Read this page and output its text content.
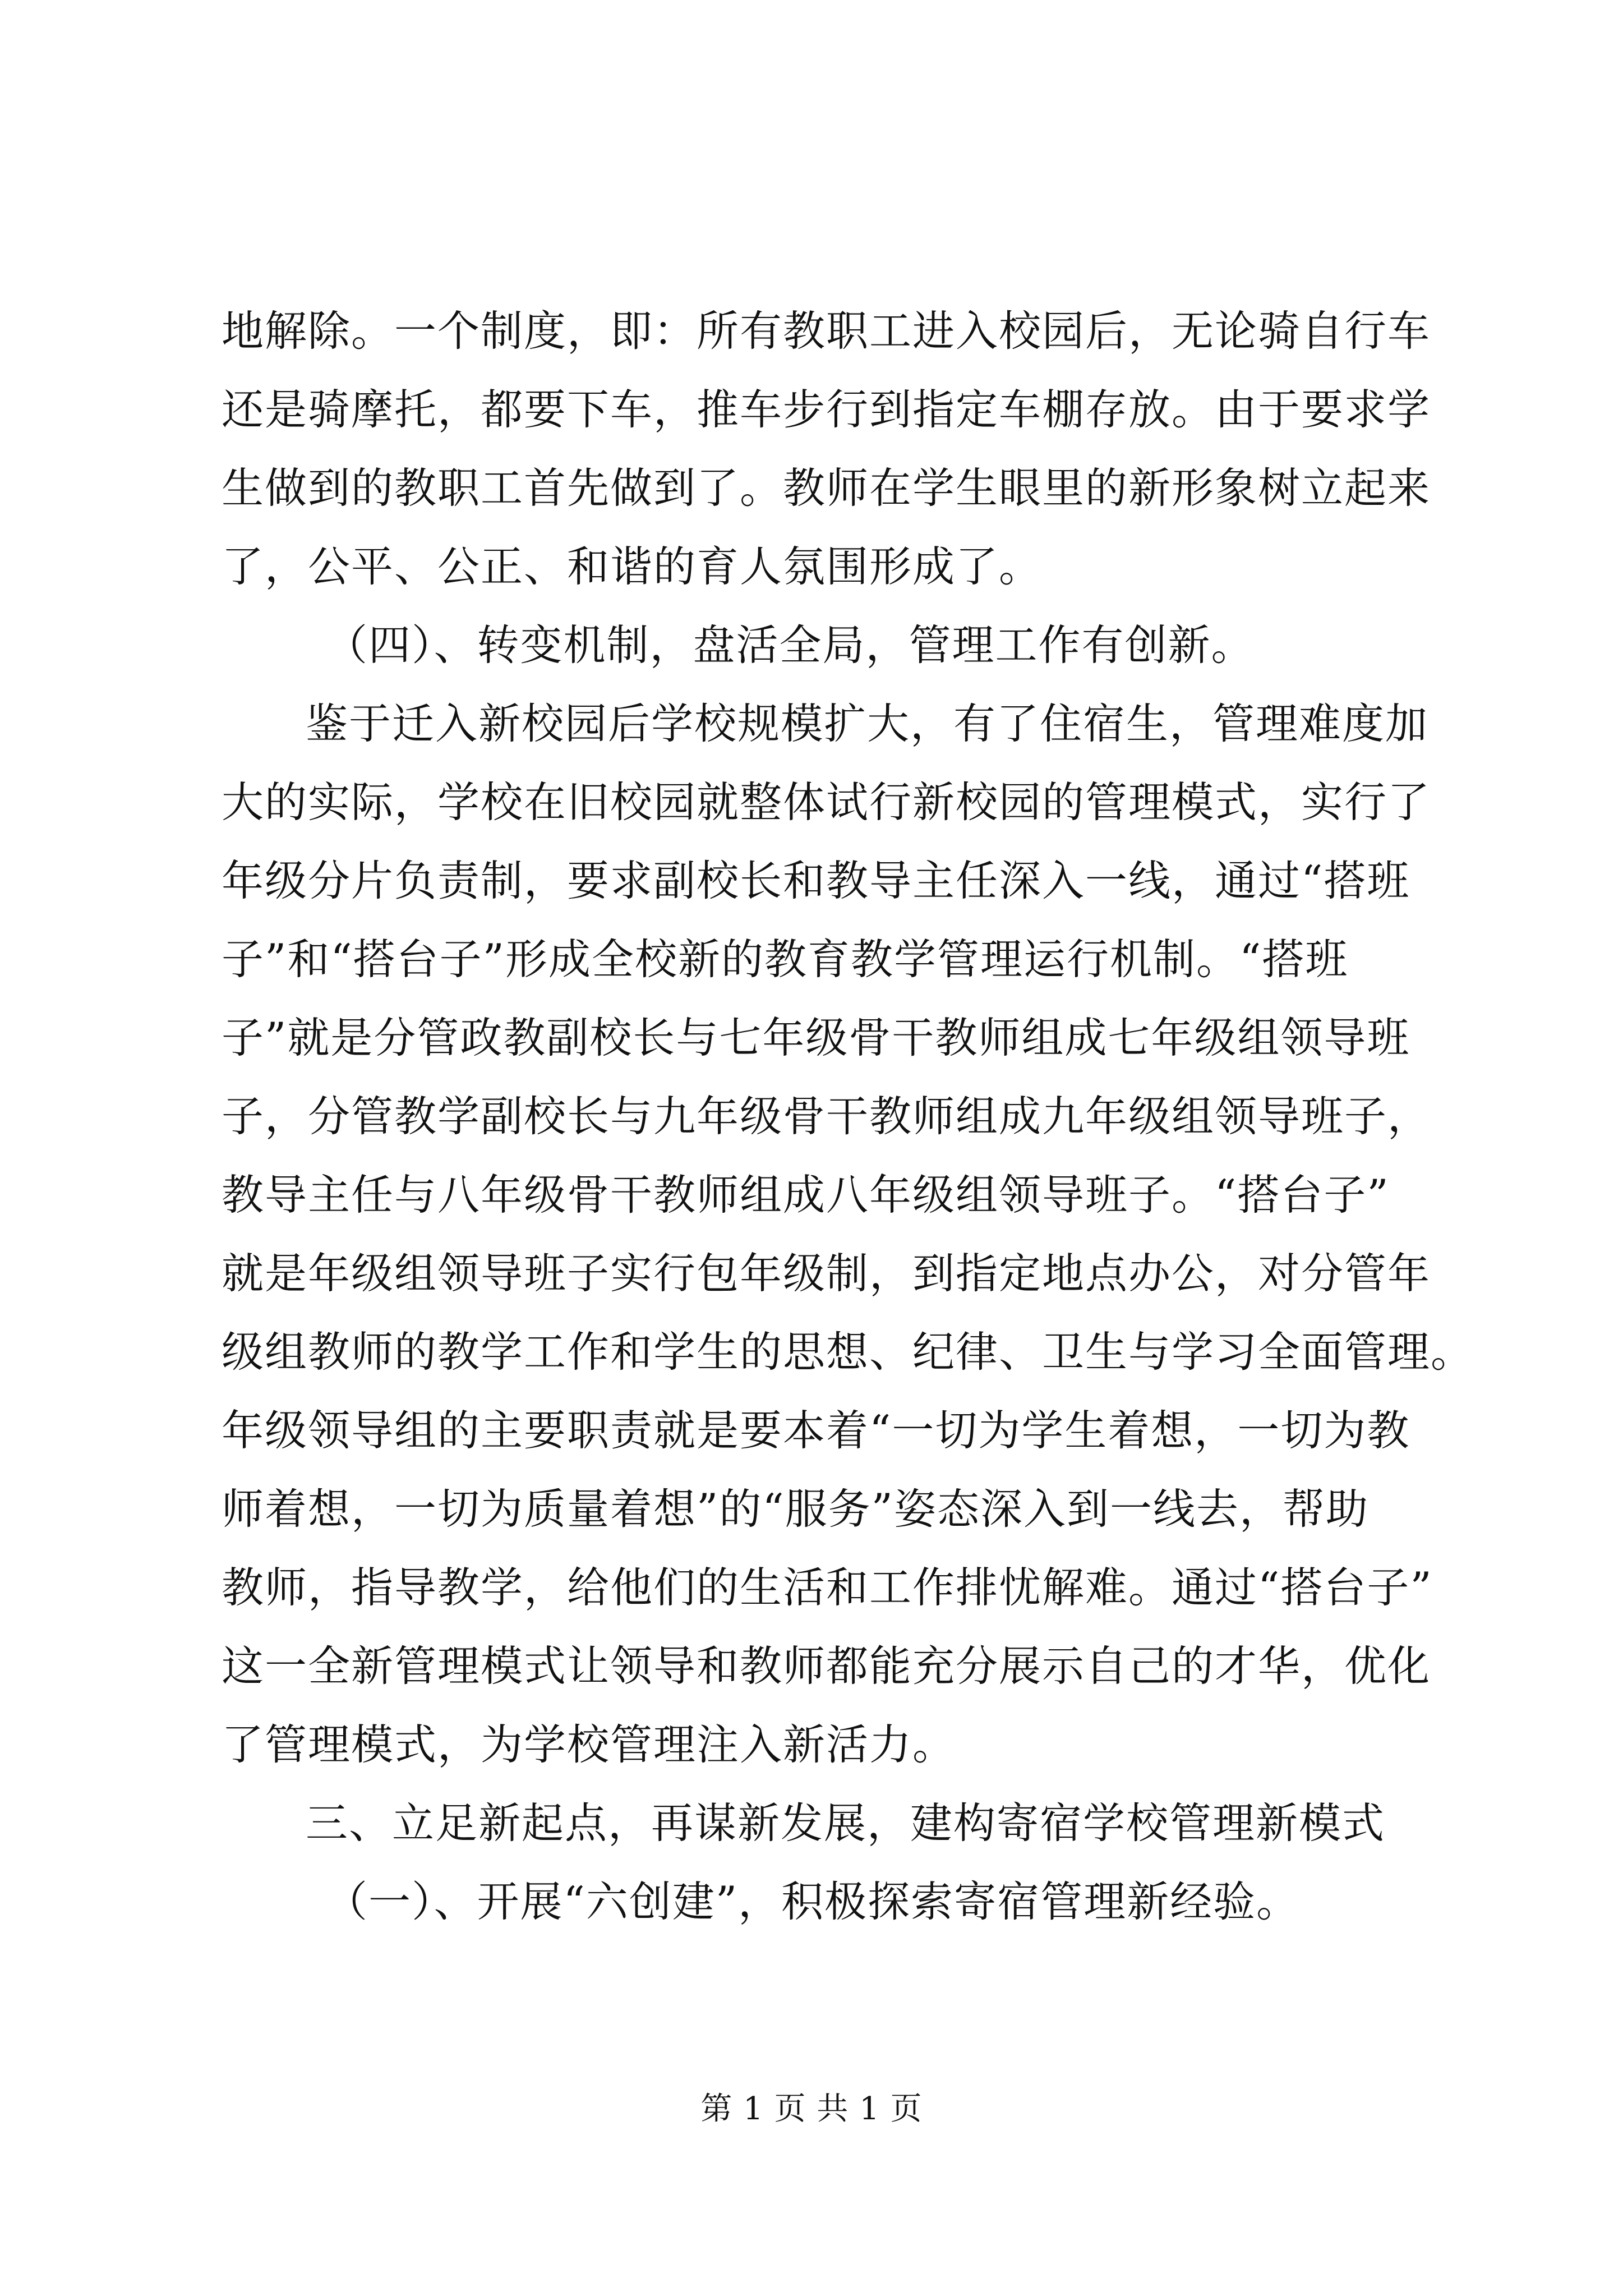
地解除。一个制度，即：所有教职工进入校园后，无论骑自行车
还是骑摩托，都要下车，推车步行到指定车棚存放。由于要求学
生做到的教职工首先做到了。教师在学生眼里的新形象树立起来
了，公平、公正、和谐的育人氛围形成了。
（四）、转变机制，盘活全局，管理工作有创新。
鉴于迁入新校园后学校规模扩大，有了住宿生，管理难度加
大的实际，学校在旧校园就整体试行新校园的管理模式，实行了
年级分片负责制，要求副校长和教导主任深入一线，通过“搭班
子”和“搭台子”形成全校新的教育教学管理运行机制。“搭班
子”就是分管政教副校长与七年级骨干教师组成七年级组领导班
子，分管教学副校长与九年级骨干教师组成九年级组领导班子，
教导主任与八年级骨干教师组成八年级组领导班子。“搭台子”
就是年级组领导班子实行包年级制，到指定地点办公，对分管年
级组教师的教学工作和学生的思想、纪律、卫生与学习全面管理。
年级领导组的主要职责就是要本着“一切为学生着想，一切为教
师着想，一切为质量着想”的“服务”姿态深入到一线去，帮助
教师，指导教学，给他们的生活和工作排忧解难。通过“搭台子”
这一全新管理模式让领导和教师都能充分展示自己的才华，优化
了管理模式，为学校管理注入新活力。
三、立足新起点，再谋新发展，建构寄宿学校管理新模式
（一）、开展“六创建”，积极探索寄宿管理新经验。
第 1 页 共 1 页
